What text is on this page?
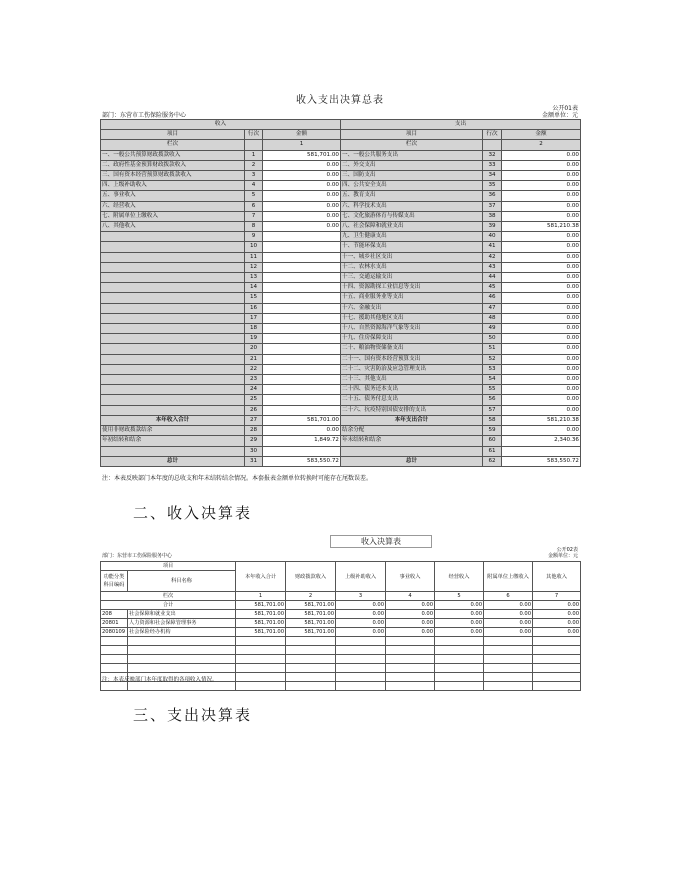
收入支出决算总表
公开01表
部门：东营市工伤保险服务中心	金额单位：元
收入			支出		
项目	行次	金额	项目	行次	金额
栏次		1	栏次		2
一、一般公共预算财政拨款收入	1	581,701.00	一、一般公共服务支出	32	0.00
二、政府性基金预算财政拨款收入	2	0.00	二、外交支出	33	0.00
三、国有资本经营预算财政拨款收入	3	0.00	三、国防支出	34	0.00
四、上级补助收入	4	0.00	四、公共安全支出	35	0.00
五、事业收入	5	0.00	五、教育支出	36	0.00
六、经营收入	6	0.00	六、科学技术支出	37	0.00
七、附属单位上缴收入	7	0.00	七、文化旅游体育与传媒支出	38	0.00
八、其他收入	8	0.00	八、社会保障和就业支出	39	581,210.38
	9		九、卫生健康支出	40	0.00
	10		十、节能环保支出	41	0.00
	11		十一、城乡社区支出	42	0.00
	12		十二、农林水支出	43	0.00
	13		十三、交通运输支出	44	0.00
	14		十四、资源勘探工业信息等支出	45	0.00
	15		十五、商业服务业等支出	46	0.00
	16		十六、金融支出	47	0.00
	17		十七、援助其他地区支出	48	0.00
	18		十八、自然资源海洋气象等支出	49	0.00
	19		十九、住房保障支出	50	0.00
	20		二十、粮油物资储备支出	51	0.00
	21		二十一、国有资本经营预算支出	52	0.00
	22		二十二、灾害防治及应急管理支出	53	0.00
	23		二十三、其他支出	54	0.00
	24		二十四、债务还本支出	55	0.00
	25		二十五、债务付息支出	56	0.00
	26		二十六、抗疫特别国债安排的支出	57	0.00
本年收入合计	27	581,701.00	本年支出合计	58	581,210.38
使用非财政拨款结余	28	0.00	结余分配	59	0.00
年初结转和结余	29	1,849.72	年末结转和结余	60	2,340.36
	30			61	
总计	31	583,550.72	总计	62	583,550.72
注：本表反映部门本年度的总收支和年末结转结余情况。本套报表金额单位转换时可能存在尾数误差。
二、收入决算表
收入决算表
公开02表
部门：东营市工伤保险服务中心	金额单位：元
项目		本年收入合计	财政拨款收入	上级补助收入	事业收入	经营收入	附属单位上缴收入	其他收入
功能分类科目编码	科目名称							
栏次		1	2	3	4	5	6	7
合计		581,701.00	581,701.00	0.00	0.00	0.00	0.00	0.00
208	社会保障和就业支出	581,701.00	581,701.00	0.00	0.00	0.00	0.00	0.00
20801	人力资源和社会保障管理事务	581,701.00	581,701.00	0.00	0.00	0.00	0.00	0.00
2080109	社会保险经办机构	581,701.00	581,701.00	0.00	0.00	0.00	0.00	0.00

注：本表反映部门本年度取得的各项收入情况。
三、支出决算表
